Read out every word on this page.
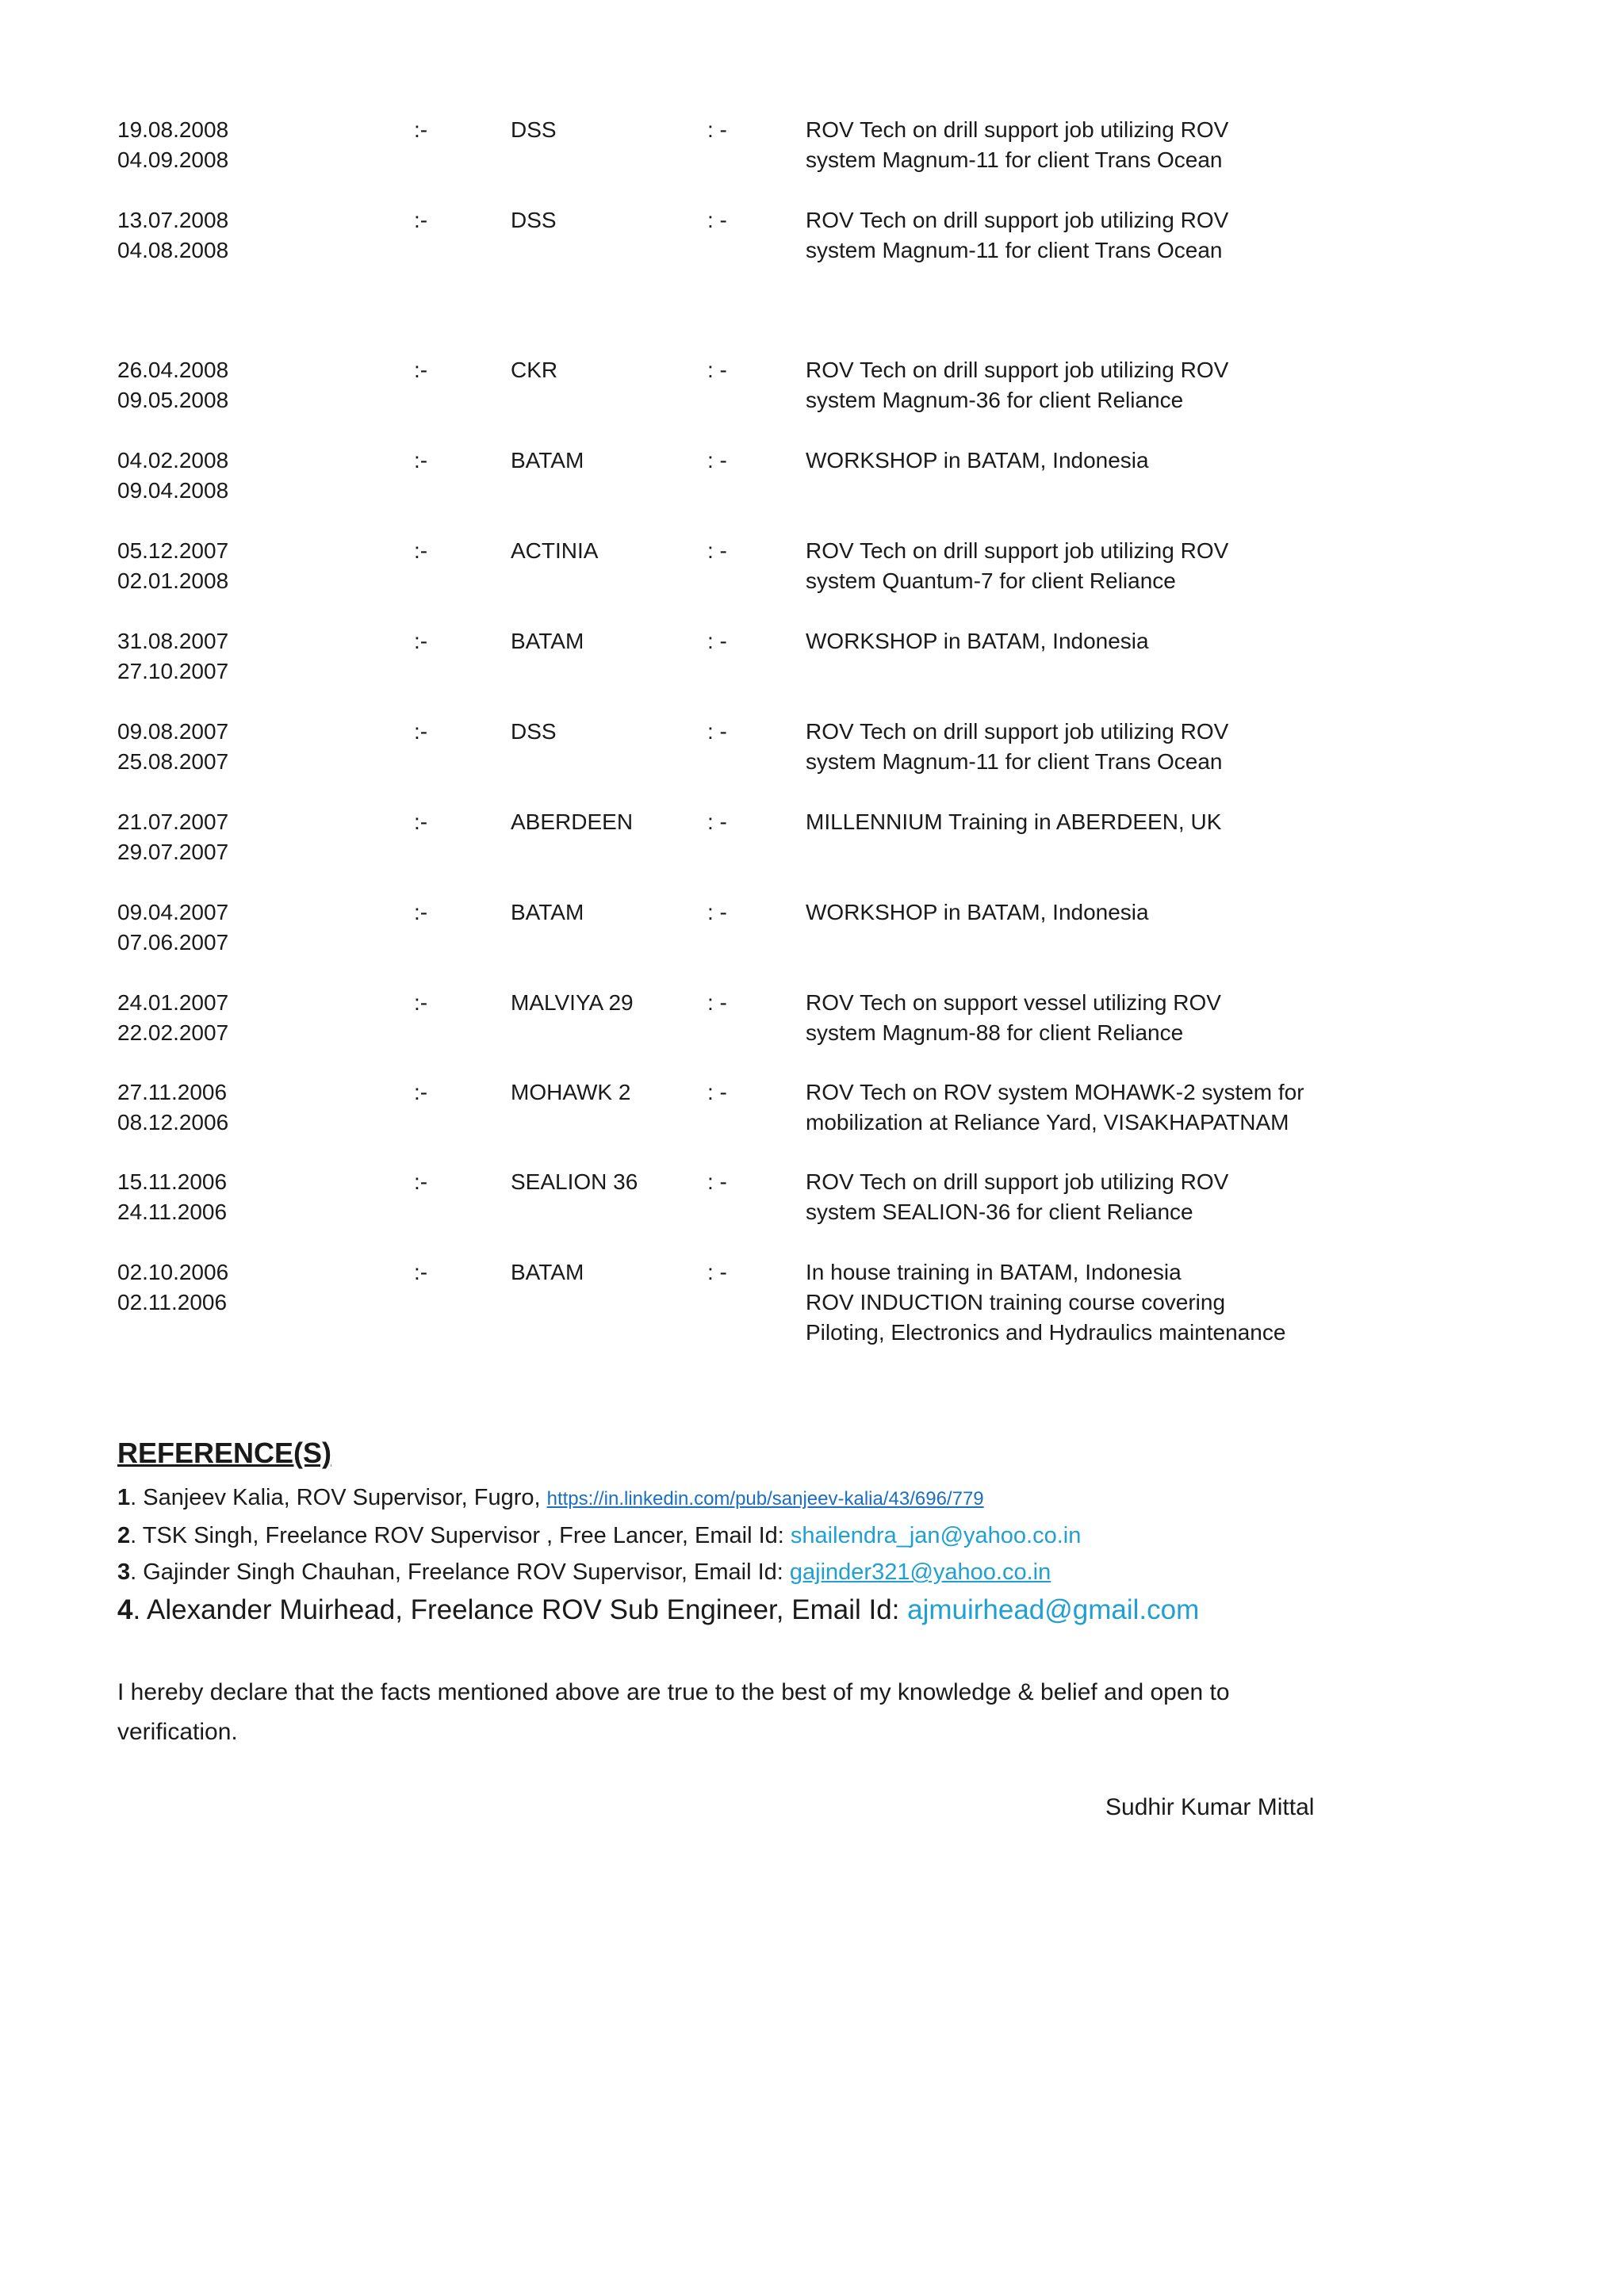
19.08.2008
04.09.2008
:-	DSS	: -	ROV Tech on drill support job utilizing ROV
system Magnum-11 for client Trans Ocean
13.07.2008
04.08.2008
:-	DSS	: -	ROV Tech on drill support job utilizing ROV
system Magnum-11 for client Trans Ocean
26.04.2008
09.05.2008
:-	CKR	: -	ROV Tech on drill support job utilizing ROV
system Magnum-36 for client Reliance
04.02.2008
09.04.2008
:-	BATAM	: -	WORKSHOP in BATAM, Indonesia
05.12.2007
02.01.2008
:-	ACTINIA	: -	ROV Tech on drill support job utilizing ROV
system Quantum-7 for client Reliance
31.08.2007
27.10.2007
:-	BATAM	: -	WORKSHOP in BATAM, Indonesia
09.08.2007
25.08.2007
:-	DSS	: -	ROV Tech on drill support job utilizing ROV
system Magnum-11 for client Trans Ocean
21.07.2007
29.07.2007
:-	ABERDEEN	: -	MILLENNIUM Training in ABERDEEN, UK
09.04.2007
07.06.2007
:-	BATAM	: -	WORKSHOP in BATAM, Indonesia
24.01.2007
22.02.2007
:-	MALVIYA 29	: -	ROV Tech on support vessel utilizing ROV
system Magnum-88 for client Reliance
27.11.2006
08.12.2006
:-	MOHAWK 2	: -	ROV Tech on ROV system MOHAWK-2 system for
mobilization at Reliance Yard, VISAKHAPATNAM
15.11.2006
24.11.2006
:-	SEALION 36	: -	ROV Tech on drill support job utilizing ROV
system SEALION-36 for client Reliance
02.10.2006
02.11.2006
:-	BATAM	: -	In house training in BATAM, Indonesia
ROV INDUCTION training course covering
Piloting, Electronics and Hydraulics maintenance
REFERENCE(S)
1. Sanjeev Kalia, ROV Supervisor, Fugro, https://in.linkedin.com/pub/sanjeev-kalia/43/696/779
2. TSK Singh, Freelance ROV Supervisor , Free Lancer, Email Id: shailendra_jan@yahoo.co.in
3. Gajinder Singh Chauhan, Freelance ROV Supervisor, Email Id: gajinder321@yahoo.co.in
4. Alexander Muirhead, Freelance ROV Sub Engineer, Email Id: ajmuirhead@gmail.com
I hereby declare that the facts mentioned above are true to the best of my knowledge & belief and open to verification.
Sudhir Kumar Mittal
